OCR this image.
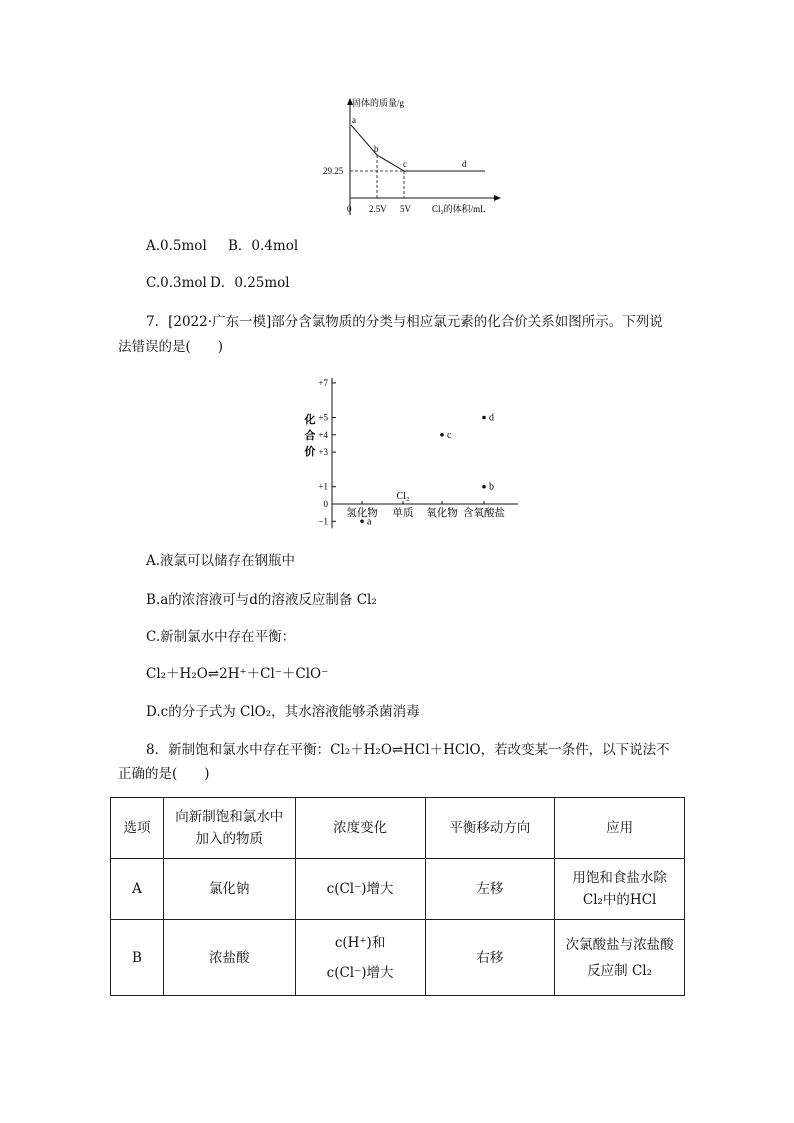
固体的质量/g
a
b
c	d
29.25
0 2.5V 5V Cl₂的体积/mL
A.0.5mol B．0.4mol
C.0.3mol D．0.25mol
7．[2022·广东一模]部分含氯物质的分类与相应氯元素的化合价关系如图所示。下列说
法错误的是(　　)
+7
+5
+4
+3
+1
0
−1
氢化物 单质 氧化物 含氧酸盐
化
合
价
a
Cl₂
c
d
b
A.液氯可以储存在钢瓶中
B.a的浓溶液可与d的溶液反应制备 Cl₂
C.新制氯水中存在平衡：
Cl₂＋H₂O⇌2H⁺＋Cl⁻＋ClO⁻
D.c的分子式为 ClO₂，其水溶液能够杀菌消毒
8．新制饱和氯水中存在平衡：Cl₂＋H₂O⇌HCl＋HClO，若改变某一条件，以下说法不
正确的是(　　)
选项	向新制饱和氯水中加入的物质	浓度变化	平衡移动方向	应用
A	氯化钠	c(Cl⁻)增大	左移	用饱和食盐水除Cl₂中的HCl
B	浓盐酸	c(H⁺)和c(Cl⁻)增大	右移	次氯酸盐与浓盐酸反应制 Cl₂
